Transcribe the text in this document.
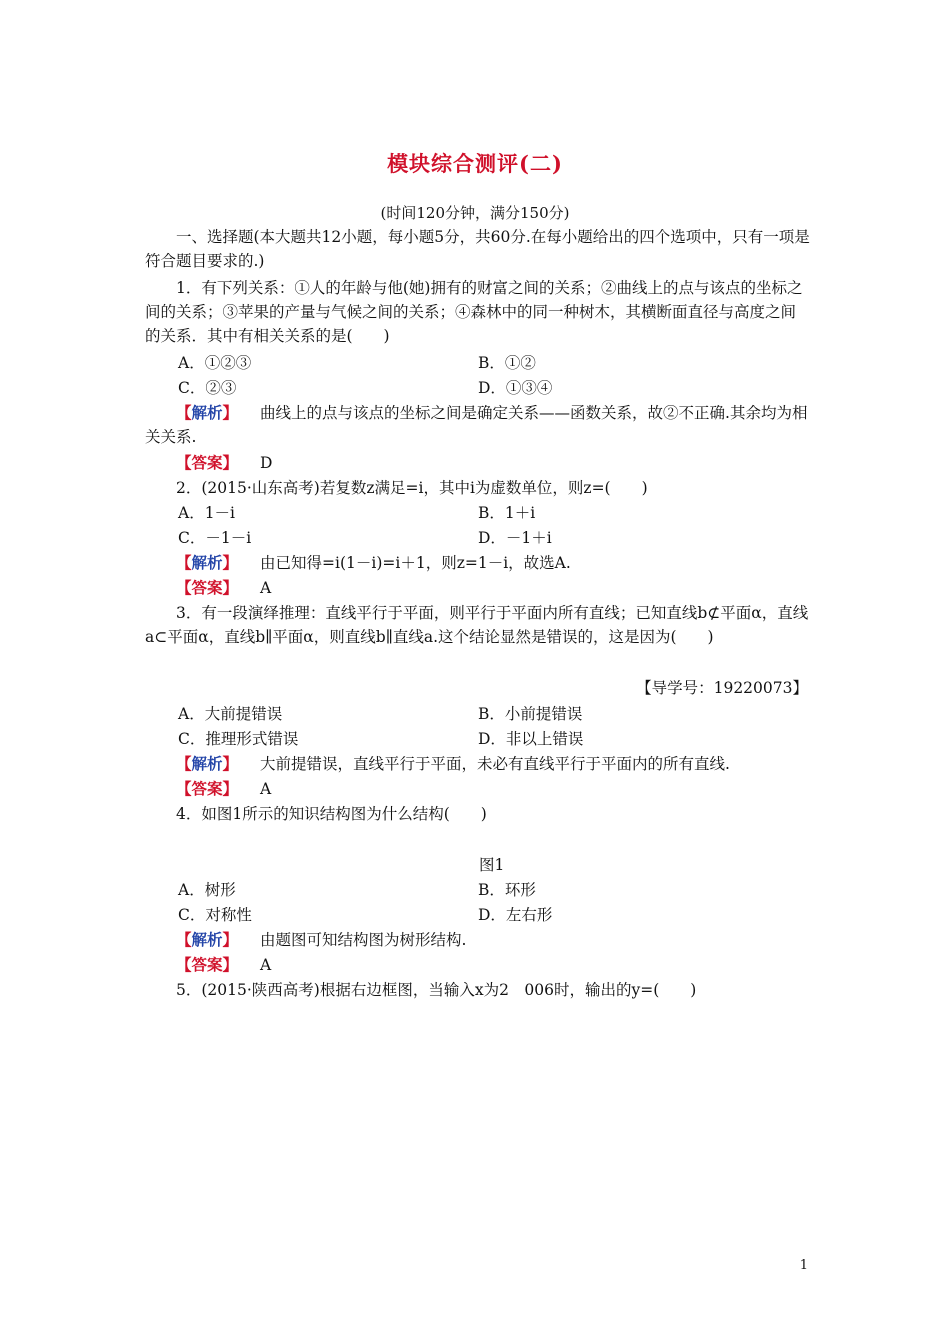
模块综合测评(二)
(时间120分钟，满分150分)
一、选择题(本大题共12小题，每小题5分，共60分.在每小题给出的四个选项中，只有一项是符合题目要求的.)
1．有下列关系：①人的年龄与他(她)拥有的财富之间的关系；②曲线上的点与该点的坐标之间的关系；③苹果的产量与气候之间的关系；④森林中的同一种树木，其横断面直径与高度之间的关系．其中有相关关系的是(　　)
A．①②③	B．①②
C．②③	D．①③④
【解析】 曲线上的点与该点的坐标之间是确定关系——函数关系，故②不正确.其余均为相关关系.
【答案】 D
2．(2015·山东高考)若复数z满足=i，其中i为虚数单位，则z=(　　)
A．1－i	B．1＋i
C．－1－i	D．－1＋i
【解析】 由已知得=i(1－i)=i＋1，则z=1－i，故选A.
【答案】 A
3．有一段演绎推理：直线平行于平面，则平行于平面内所有直线；已知直线b⊄平面α，直线a⊂平面α，直线b∥平面α，则直线b∥直线a.这个结论显然是错误的，这是因为(　　)
【导学号：19220073】
A．大前提错误	B．小前提错误
C．推理形式错误	D．非以上错误
【解析】 大前提错误，直线平行于平面，未必有直线平行于平面内的所有直线.
【答案】 A
4．如图1所示的知识结构图为什么结构(　　)
图1
A．树形	B．环形
C．对称性	D．左右形
【解析】 由题图可知结构图为树形结构.
【答案】 A
5．(2015·陕西高考)根据右边框图，当输入x为2　006时，输出的y=(　　)
1
